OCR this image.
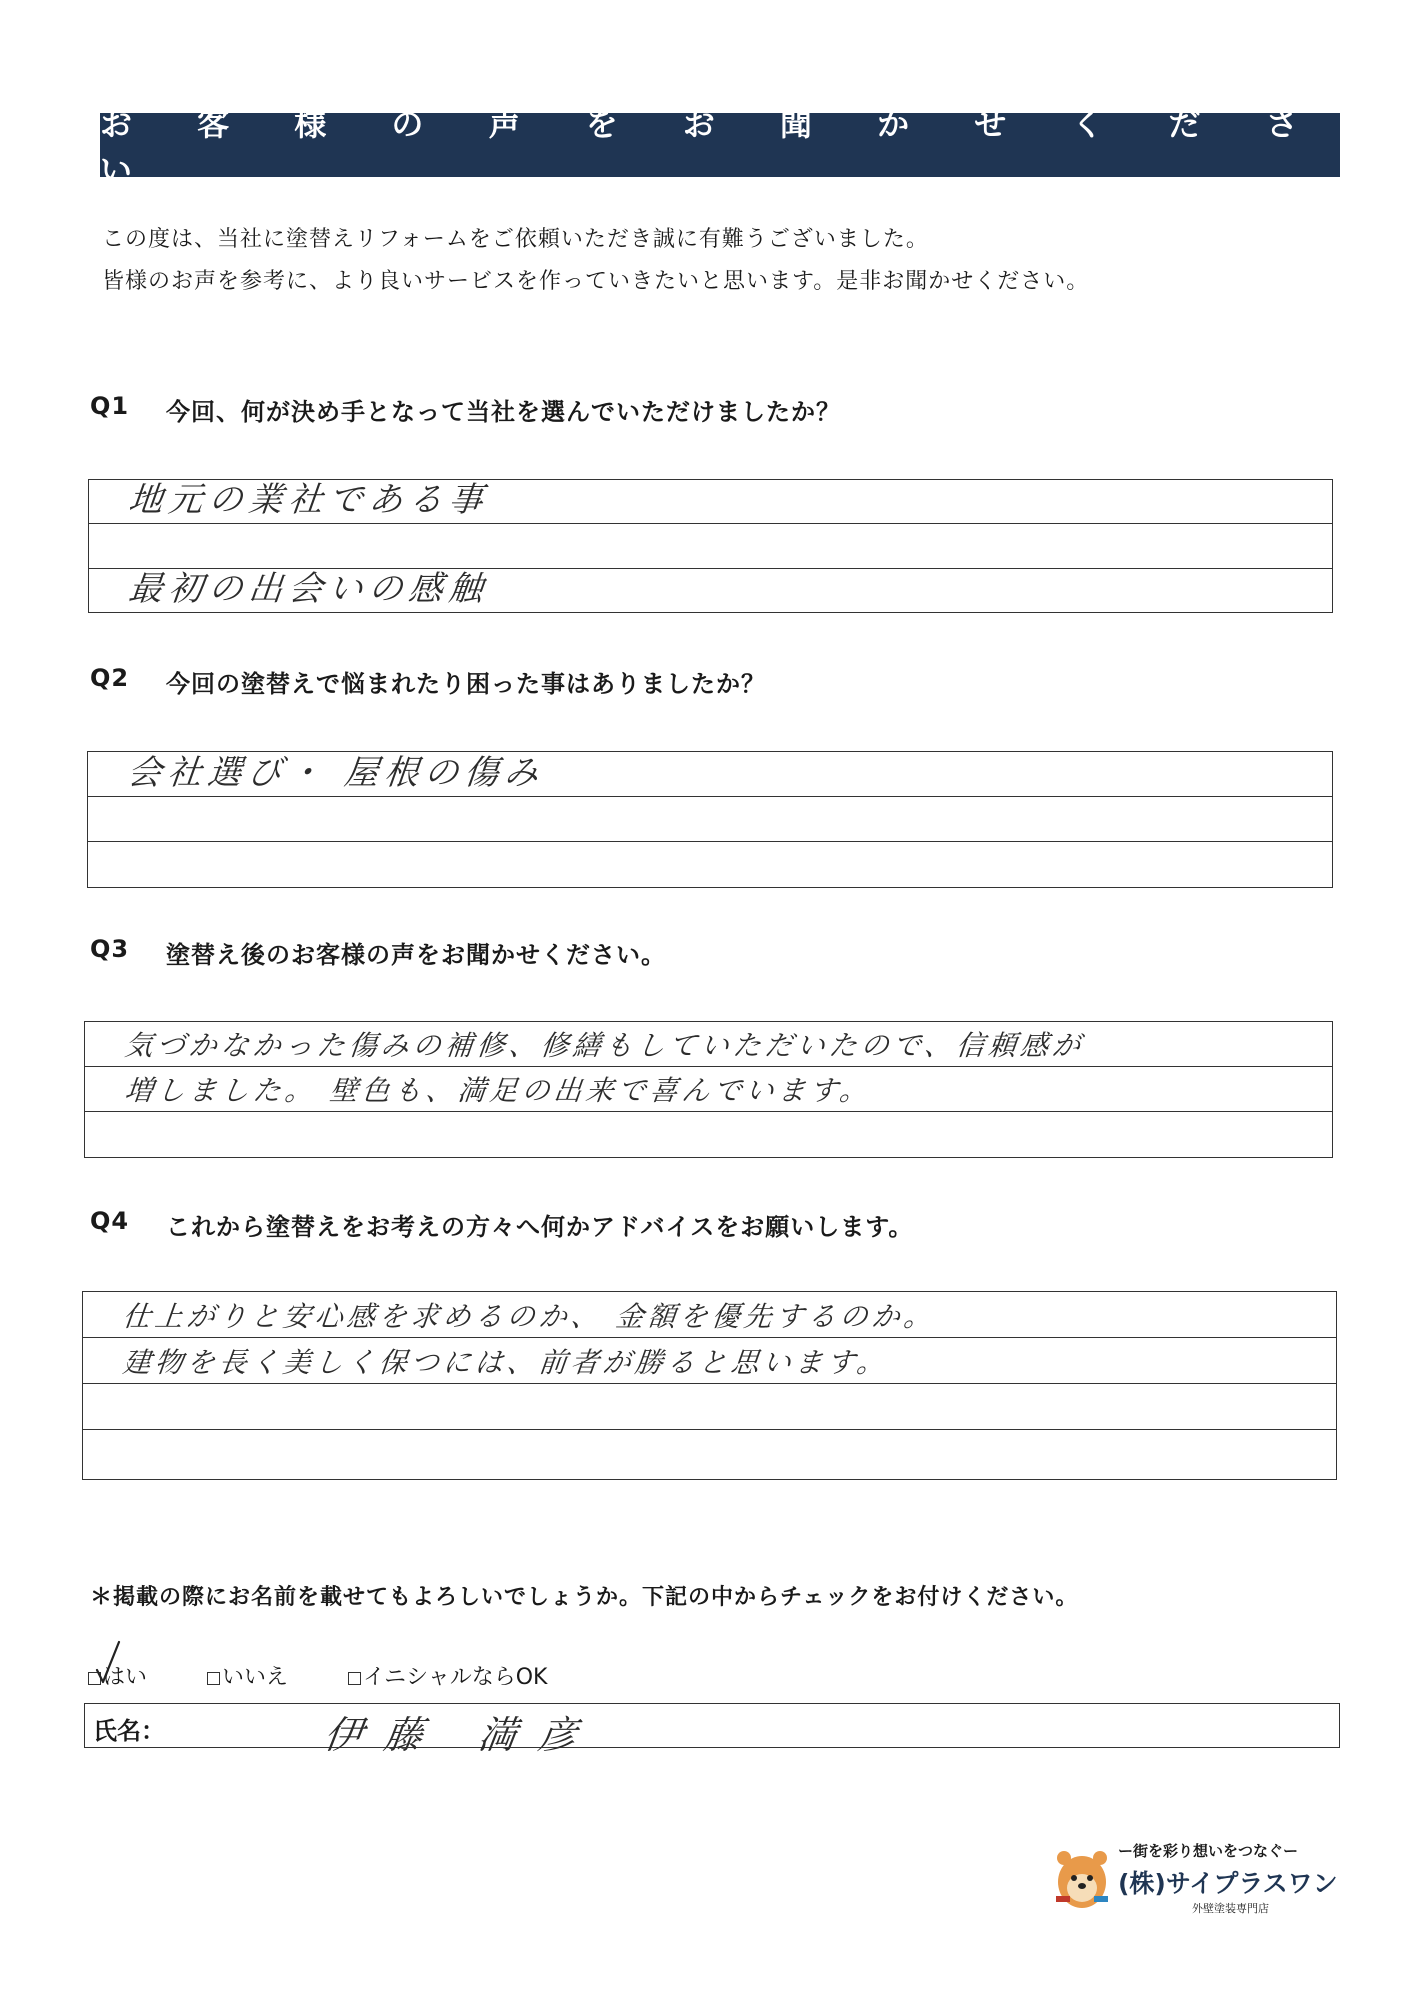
お 客 様 の 声 を お 聞 か せ く だ さ い
この度は、当社に塗替えリフォームをご依頼いただき誠に有難うございました。
皆様のお声を参考に、より良いサービスを作っていきたいと思います。是非お聞かせください。
Q1	今回、何が決め手となって当社を選んでいただけましたか？
地元の業社である事
最初の出会いの感触
Q2	今回の塗替えで悩まれたり困った事はありましたか？
会社選び・ 屋根の傷み
Q3	塗替え後のお客様の声をお聞かせください。
気づかなかった傷みの補修、修繕もしていただいたので、信頼感が
増しました。 壁色も、満足の出来で喜んでいます。
Q4	これから塗替えをお考えの方々へ何かアドバイスをお願いします。
仕上がりと安心感を求めるのか、 金額を優先するのか。
建物を長く美しく保つには、前者が勝ると思います。
＊掲載の際にお名前を載せてもよろしいでしょうか。下記の中からチェックをお付けください。
はい	いいえ	イニシャルならOK
氏名：	伊藤 満彦
ー街を彩り想いをつなぐー
(株)サイプラスワン
外壁塗装専門店
